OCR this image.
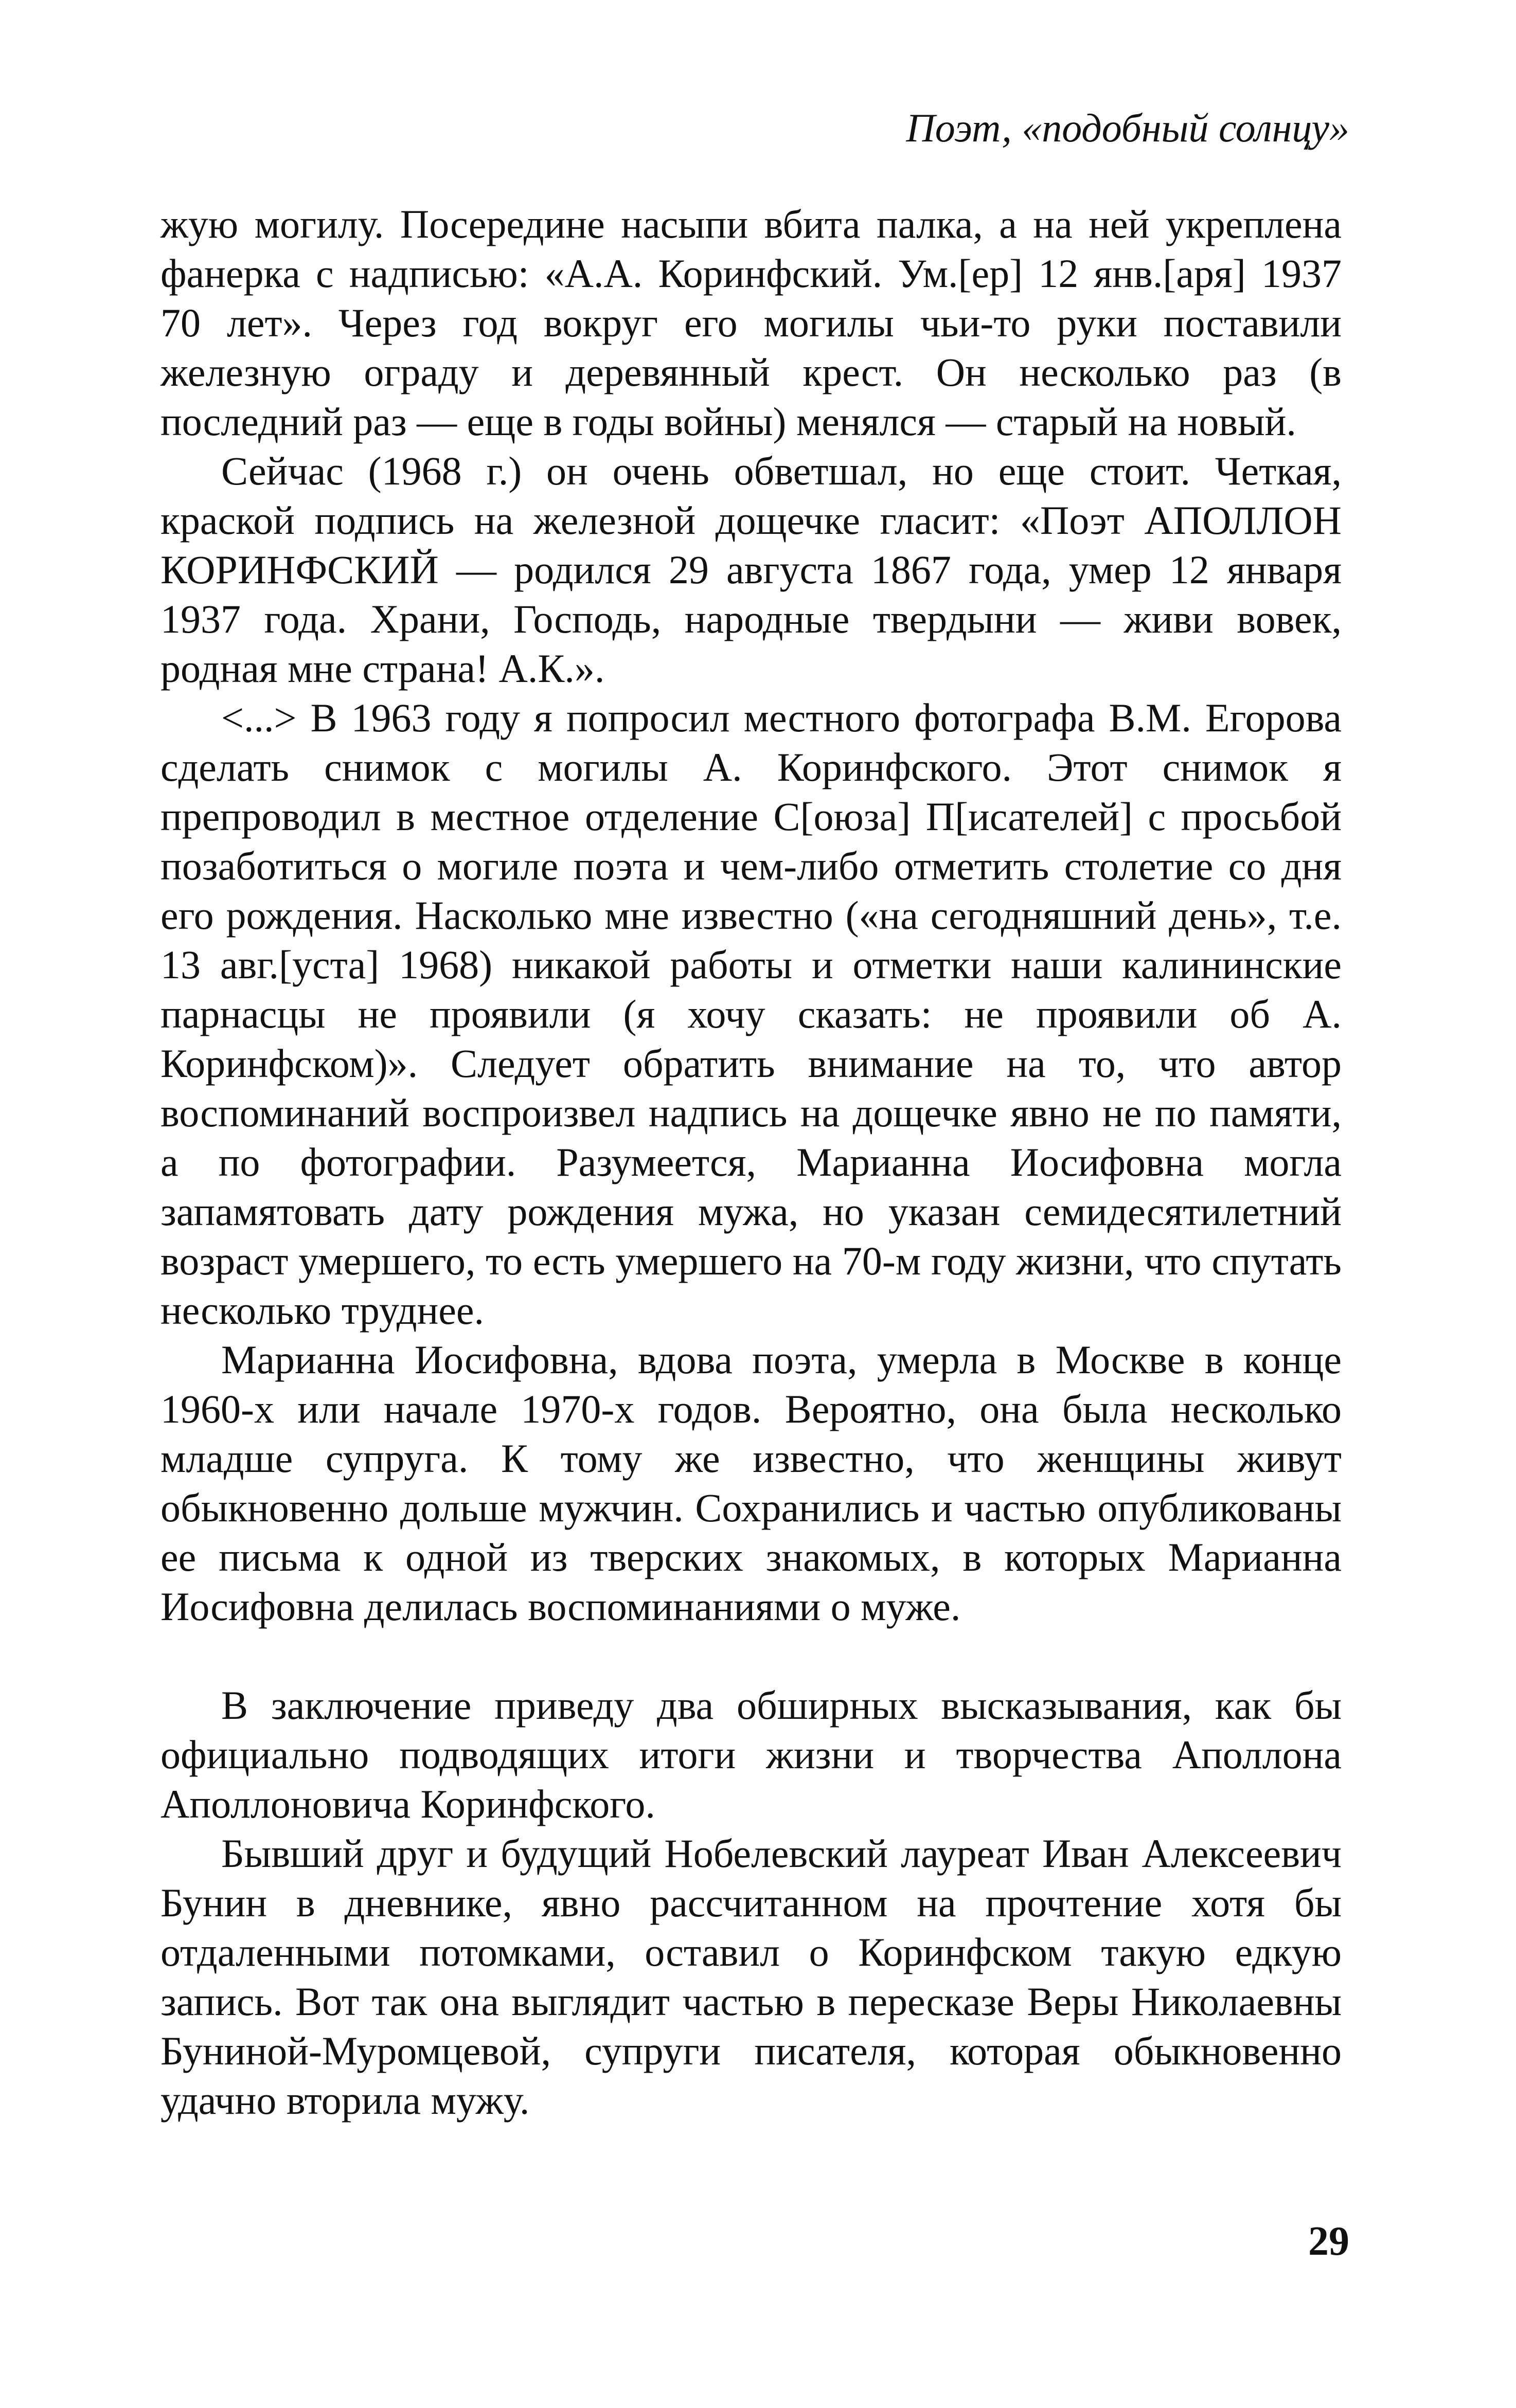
Поэт, «подобный солнцу»

жую могилу. Посередине насыпи вбита палка, а на ней укреплена фанерка с надписью: «А.А. Коринфский. Ум.[ер] 12 янв.[аря] 1937 70 лет». Через год вокруг его могилы чьи-то руки поставили железную ограду и деревянный крест. Он несколько раз (в последний раз — еще в годы войны) менялся — старый на новый.

Сейчас (1968 г.) он очень обветшал, но еще стоит. Четкая, краской подпись на железной дощечке гласит: «Поэт АПОЛЛОН КОРИНФСКИЙ — родился 29 августа 1867 года, умер 12 января 1937 года. Храни, Господь, народные твердыни — живи вовек, родная мне страна! А.К.».

<...> В 1963 году я попросил местного фотографа В.М. Егорова сделать снимок с могилы А. Коринфского. Этот снимок я препроводил в местное отделение С[оюза] П[исателей] с просьбой позаботиться о могиле поэта и чем-либо отметить столетие со дня его рождения. Насколько мне известно («на сегодняшний день», т.е. 13 авг.[уста] 1968) никакой работы и отметки наши калининские парнасцы не проявили (я хочу сказать: не проявили об А. Коринфском)». Следует обратить внимание на то, что автор воспоминаний воспроизвел надпись на дощечке явно не по памяти, а по фотографии. Разумеется, Марианна Иосифовна могла запамятовать дату рождения мужа, но указан семидесятилетний возраст умершего, то есть умершего на 70-м году жизни, что спутать несколько труднее.

Марианна Иосифовна, вдова поэта, умерла в Москве в конце 1960-х или начале 1970-х годов. Вероятно, она была несколько младше супруга. К тому же известно, что женщины живут обыкновенно дольше мужчин. Сохранились и частью опубликованы ее письма к одной из тверских знакомых, в которых Марианна Иосифовна делилась воспоминаниями о муже.

В заключение приведу два обширных высказывания, как бы официально подводящих итоги жизни и творчества Аполлона Аполлоновича Коринфского.

Бывший друг и будущий Нобелевский лауреат Иван Алексеевич Бунин в дневнике, явно рассчитанном на прочтение хотя бы отдаленными потомками, оставил о Коринфском такую едкую запись. Вот так она выглядит частью в пересказе Веры Николаевны Буниной-Муромцевой, супруги писателя, которая обыкновенно удачно вторила мужу.

29
